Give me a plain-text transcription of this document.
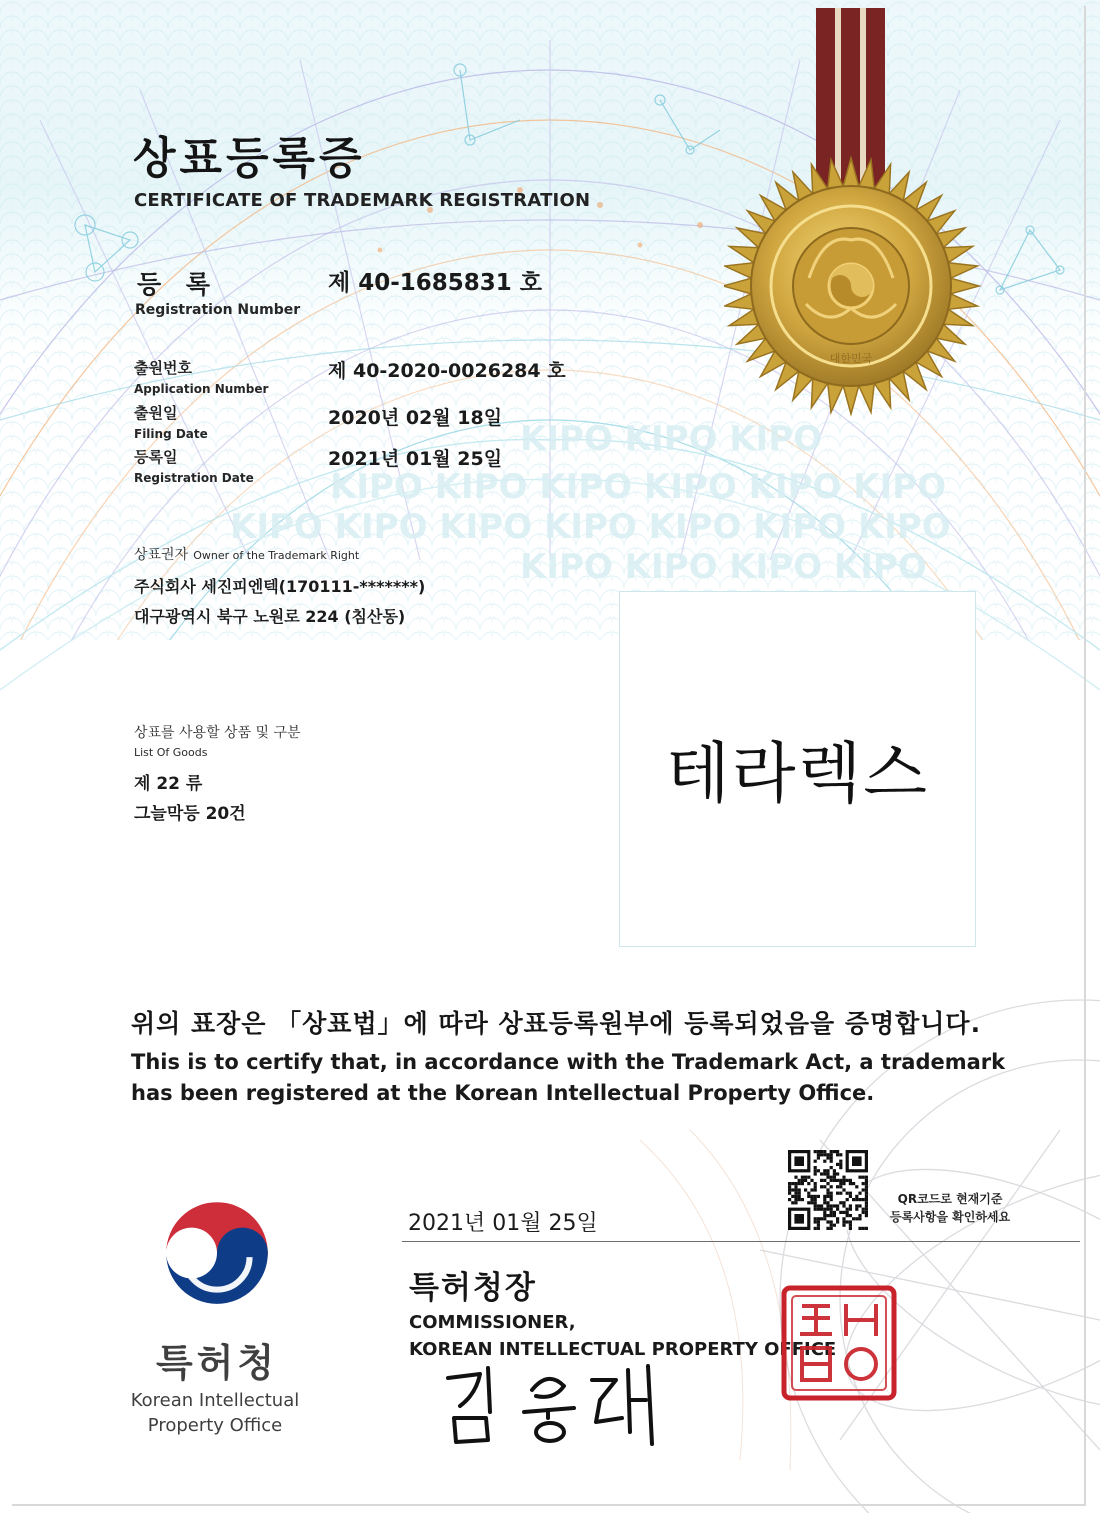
KIPO KIPO KIPO
KIPO KIPO KIPO KIPO KIPO KIPO
KIPO KIPO KIPO KIPO KIPO KIPO KIPO
KIPO KIPO KIPO KIPO
대한민국
상표등록증
CERTIFICATE OF TRADEMARK REGISTRATION
등 록
Registration Number
제 40-1685831 호
출원번호
Application Number
제 40-2020-0026284 호
출원일
Filing Date
2020년 02월 18일
등록일
Registration Date
2021년 01월 25일
상표권자 Owner of the Trademark Right
주식회사 세진피엔텍(170111-*******)
대구광역시 북구 노원로 224 (침산동)
상표를 사용할 상품 및 구분
List Of Goods
제 22 류
그늘막등 20건
테라렉스
위의 표장은 「상표법」에 따라 상표등록원부에 등록되었음을 증명합니다.
This is to certify that, in accordance with the Trademark Act, a trademark
has been registered at the Korean Intellectual Property Office.
QR코드로 현재기준
등록사항을 확인하세요
2021년 01월 25일
특허청장
COMMISSIONER,
KOREAN INTELLECTUAL PROPERTY OFFICE
특허청
Korean Intellectual
Property Office
